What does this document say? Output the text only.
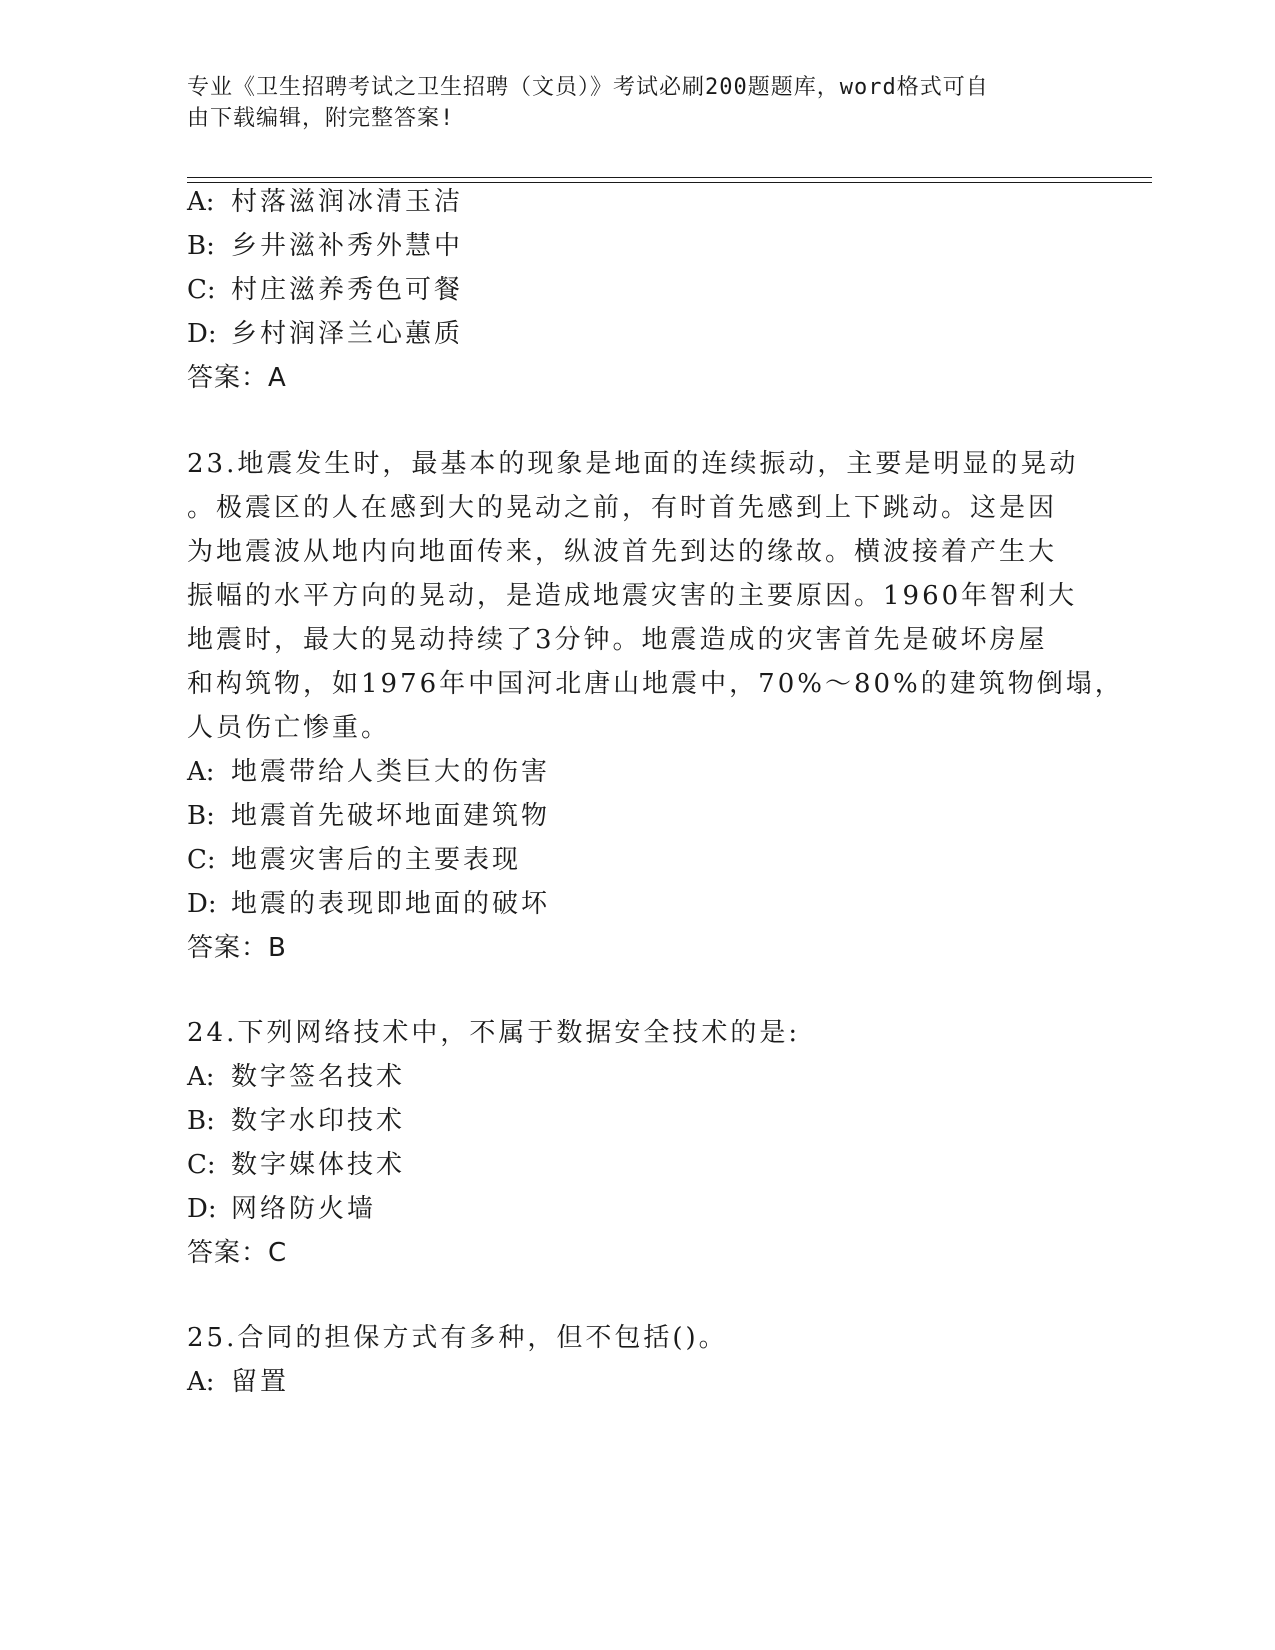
专业《卫生招聘考试之卫生招聘（文员）》考试必刷200题题库，word格式可自
由下载编辑，附完整答案!
A: 村落滋润冰清玉洁
B: 乡井滋补秀外慧中
C: 村庄滋养秀色可餐
D: 乡村润泽兰心蕙质
答案：A
23.地震发生时，最基本的现象是地面的连续振动，主要是明显的晃动
。极震区的人在感到大的晃动之前，有时首先感到上下跳动。这是因
为地震波从地内向地面传来，纵波首先到达的缘故。横波接着产生大
振幅的水平方向的晃动，是造成地震灾害的主要原因。1960年智利大
地震时，最大的晃动持续了3分钟。地震造成的灾害首先是破坏房屋
和构筑物，如1976年中国河北唐山地震中，70%～80%的建筑物倒塌，
人员伤亡惨重。
A: 地震带给人类巨大的伤害
B: 地震首先破坏地面建筑物
C: 地震灾害后的主要表现
D: 地震的表现即地面的破坏
答案：B
24.下列网络技术中，不属于数据安全技术的是:
A: 数字签名技术
B: 数字水印技术
C: 数字媒体技术
D: 网络防火墙
答案：C
25.合同的担保方式有多种，但不包括()。
A: 留置
